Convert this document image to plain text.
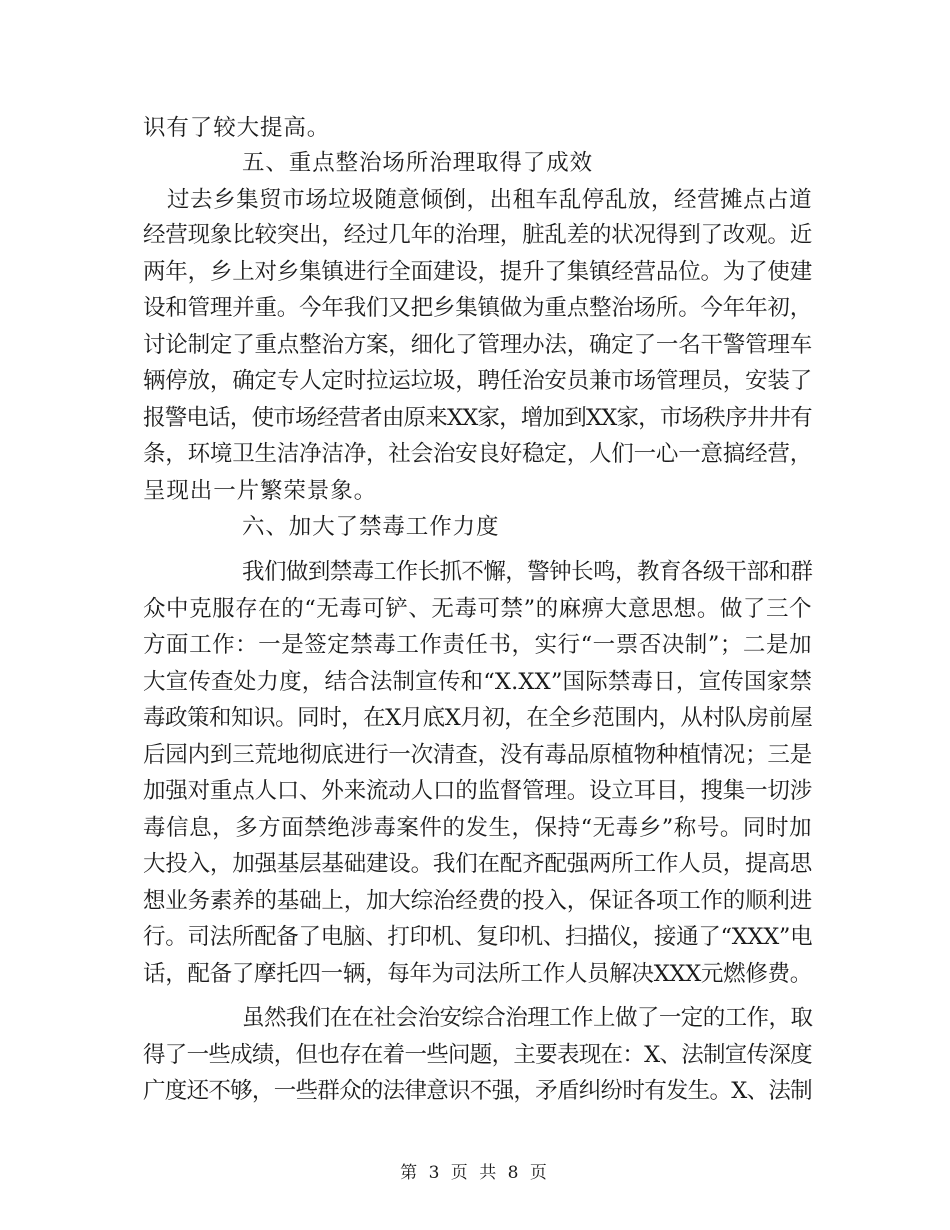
识有了较大提高。
五、重点整治场所治理取得了成效
过去乡集贸市场垃圾随意倾倒，出租车乱停乱放，经营摊点占道
经营现象比较突出，经过几年的治理，脏乱差的状况得到了改观。近
两年，乡上对乡集镇进行全面建设，提升了集镇经营品位。为了使建
设和管理并重。今年我们又把乡集镇做为重点整治场所。今年年初，
讨论制定了重点整治方案，细化了管理办法，确定了一名干警管理车
辆停放，确定专人定时拉运垃圾，聘任治安员兼市场管理员，安装了
报警电话，使市场经营者由原来XX家，增加到XX家，市场秩序井井有
条，环境卫生洁净洁净，社会治安良好稳定，人们一心一意搞经营，
呈现出一片繁荣景象。
六、加大了禁毒工作力度
我们做到禁毒工作长抓不懈，警钟长鸣，教育各级干部和群
众中克服存在的“无毒可铲、无毒可禁”的麻痹大意思想。做了三个
方面工作：一是签定禁毒工作责任书，实行“一票否决制”；二是加
大宣传查处力度，结合法制宣传和“X.XX”国际禁毒日，宣传国家禁
毒政策和知识。同时，在X月底X月初，在全乡范围内，从村队房前屋
后园内到三荒地彻底进行一次清查，没有毒品原植物种植情况；三是
加强对重点人口、外来流动人口的监督管理。设立耳目，搜集一切涉
毒信息，多方面禁绝涉毒案件的发生，保持“无毒乡”称号。同时加
大投入，加强基层基础建设。我们在配齐配强两所工作人员，提高思
想业务素养的基础上，加大综治经费的投入，保证各项工作的顺利进
行。司法所配备了电脑、打印机、复印机、扫描仪，接通了“XXX”电
话，配备了摩托四一辆，每年为司法所工作人员解决XXX元燃修费。
虽然我们在在社会治安综合治理工作上做了一定的工作，取
得了一些成绩，但也存在着一些问题，主要表现在：X、法制宣传深度
广度还不够，一些群众的法律意识不强，矛盾纠纷时有发生。X、法制
第 3 页 共 8 页
